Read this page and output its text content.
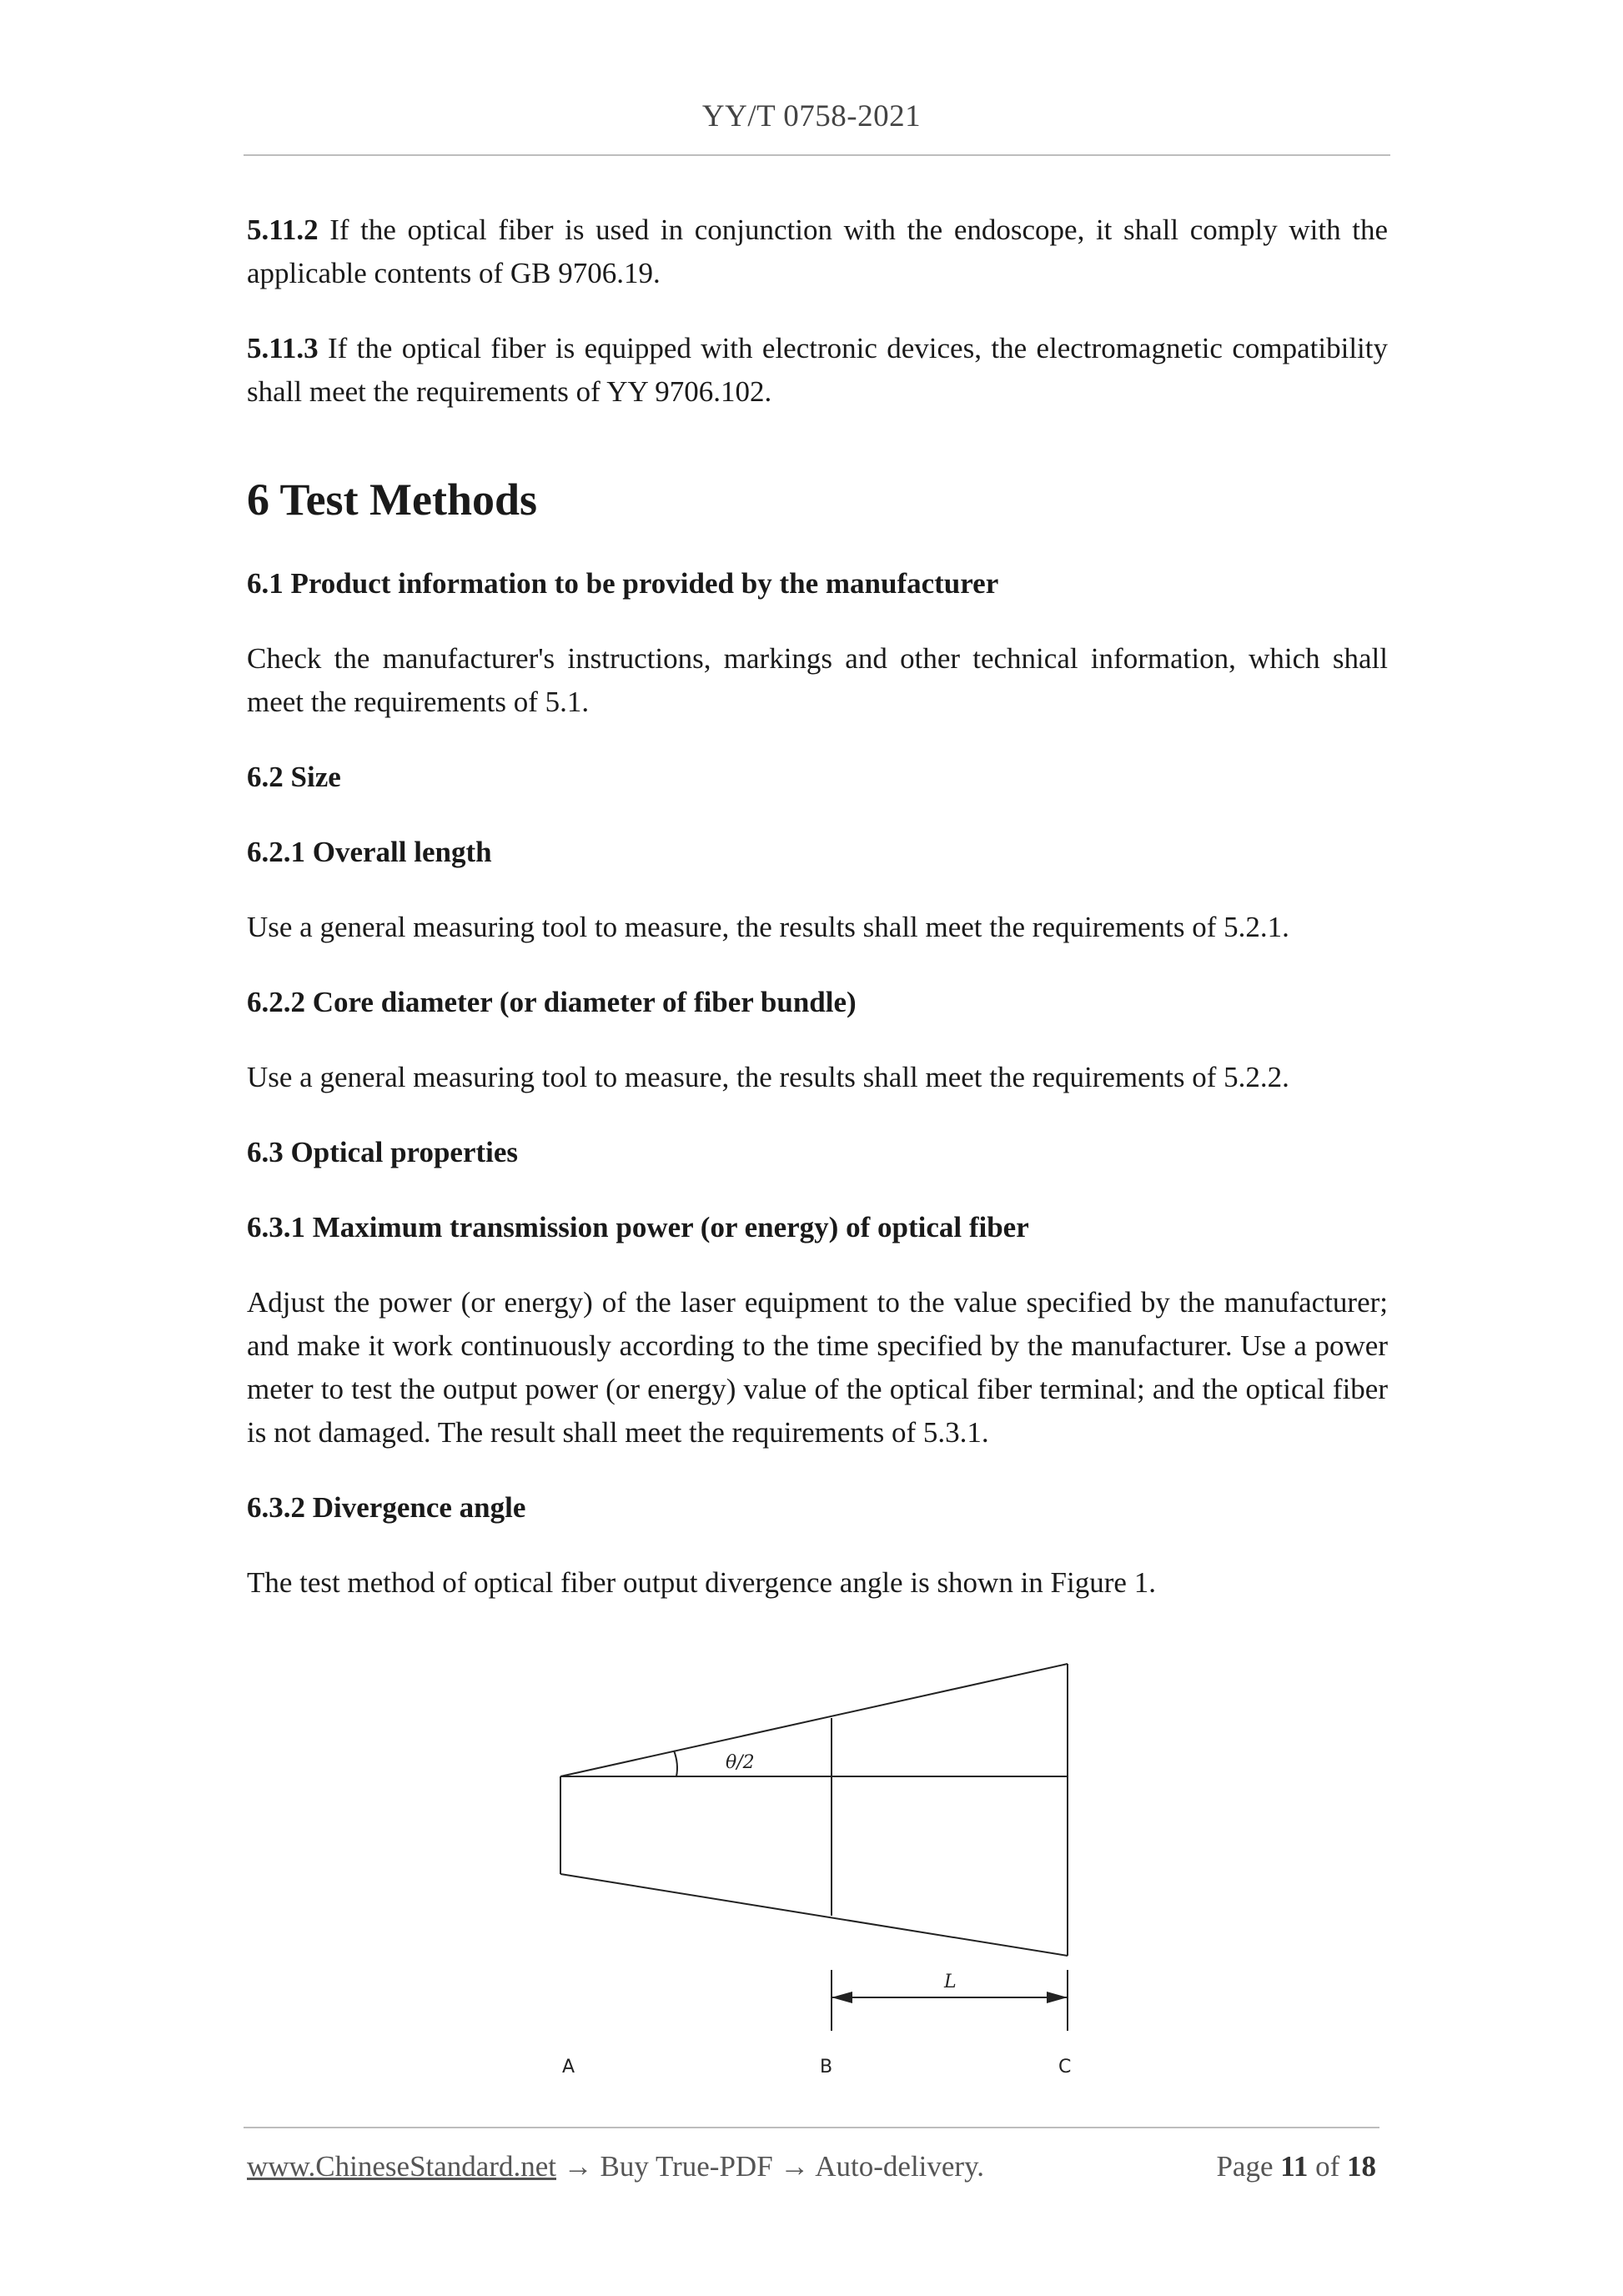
YY/T 0758-2021

5.11.2 If the optical fiber is used in conjunction with the endoscope, it shall comply with the applicable contents of GB 9706.19.

5.11.3 If the optical fiber is equipped with electronic devices, the electromagnetic compatibility shall meet the requirements of YY 9706.102.

6 Test Methods
6.1 Product information to be provided by the manufacturer

Check the manufacturer's instructions, markings and other technical information, which shall meet the requirements of 5.1.

6.2 Size
6.2.1 Overall length

Use a general measuring tool to measure, the results shall meet the requirements of 5.2.1.

6.2.2 Core diameter (or diameter of fiber bundle)

Use a general measuring tool to measure, the results shall meet the requirements of 5.2.2.

6.3 Optical properties
6.3.1 Maximum transmission power (or energy) of optical fiber

Adjust the power (or energy) of the laser equipment to the value specified by the manufacturer; and make it work continuously according to the time specified by the manufacturer. Use a power meter to test the output power (or energy) value of the optical fiber terminal; and the optical fiber is not damaged. The result shall meet the requirements of 5.3.1.

6.3.2 Divergence angle

The test method of optical fiber output divergence angle is shown in Figure 1.

θ/2
L
A	B	C
www.ChineseStandard.net → Buy True-PDF → Auto-delivery.	Page 11 of 18
